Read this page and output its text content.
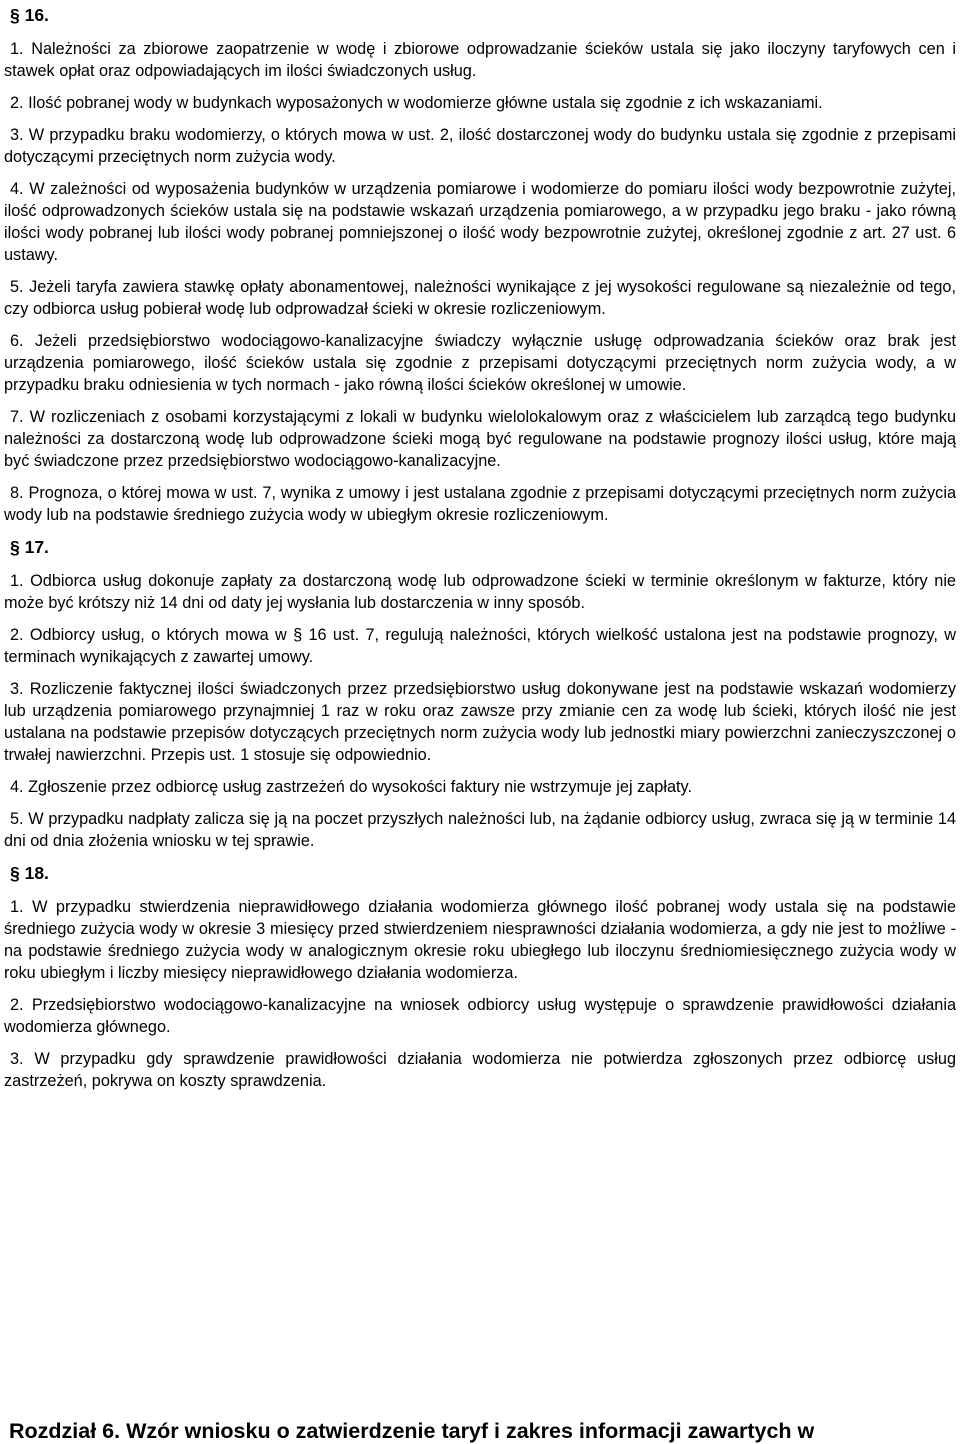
§ 16.

1. Należności za zbiorowe zaopatrzenie w wodę i zbiorowe odprowadzanie ścieków ustala się jako iloczyny taryfowych cen i stawek opłat oraz odpowiadających im ilości świadczonych usług.

2. Ilość pobranej wody w budynkach wyposażonych w wodomierze główne ustala się zgodnie z ich wskazaniami.

3. W przypadku braku wodomierzy, o których mowa w ust. 2, ilość dostarczonej wody do budynku ustala się zgodnie z przepisami dotyczącymi przeciętnych norm zużycia wody.

4. W zależności od wyposażenia budynków w urządzenia pomiarowe i wodomierze do pomiaru ilości wody bezpowrotnie zużytej, ilość odprowadzonych ścieków ustala się na podstawie wskazań urządzenia pomiarowego, a w przypadku jego braku - jako równą ilości wody pobranej lub ilości wody pobranej pomniejszonej o ilość wody bezpowrotnie zużytej, określonej zgodnie z art. 27 ust. 6 ustawy.

5. Jeżeli taryfa zawiera stawkę opłaty abonamentowej, należności wynikające z jej wysokości regulowane są niezależnie od tego, czy odbiorca usług pobierał wodę lub odprowadzał ścieki w okresie rozliczeniowym.

6. Jeżeli przedsiębiorstwo wodociągowo-kanalizacyjne świadczy wyłącznie usługę odprowadzania ścieków oraz brak jest urządzenia pomiarowego, ilość ścieków ustala się zgodnie z przepisami dotyczącymi przeciętnych norm zużycia wody, a w przypadku braku odniesienia w tych normach - jako równą ilości ścieków określonej w umowie.

7. W rozliczeniach z osobami korzystającymi z lokali w budynku wielolokalowym oraz z właścicielem lub zarządcą tego budynku należności za dostarczoną wodę lub odprowadzone ścieki mogą być regulowane na podstawie prognozy ilości usług, które mają być świadczone przez przedsiębiorstwo wodociągowo-kanalizacyjne.

8. Prognoza, o której mowa w ust. 7, wynika z umowy i jest ustalana zgodnie z przepisami dotyczącymi przeciętnych norm zużycia wody lub na podstawie średniego zużycia wody w ubiegłym okresie rozliczeniowym.

§ 17.

1. Odbiorca usług dokonuje zapłaty za dostarczoną wodę lub odprowadzone ścieki w terminie określonym w fakturze, który nie może być krótszy niż 14 dni od daty jej wysłania lub dostarczenia w inny sposób.

2. Odbiorcy usług, o których mowa w § 16 ust. 7, regulują należności, których wielkość ustalona jest na podstawie prognozy, w terminach wynikających z zawartej umowy.

3. Rozliczenie faktycznej ilości świadczonych przez przedsiębiorstwo usług dokonywane jest na podstawie wskazań wodomierzy lub urządzenia pomiarowego przynajmniej 1 raz w roku oraz zawsze przy zmianie cen za wodę lub ścieki, których ilość nie jest ustalana na podstawie przepisów dotyczących przeciętnych norm zużycia wody lub jednostki miary powierzchni zanieczyszczonej o trwałej nawierzchni. Przepis ust. 1 stosuje się odpowiednio.

4. Zgłoszenie przez odbiorcę usług zastrzeżeń do wysokości faktury nie wstrzymuje jej zapłaty.

5. W przypadku nadpłaty zalicza się ją na poczet przyszłych należności lub, na żądanie odbiorcy usług, zwraca się ją w terminie 14 dni od dnia złożenia wniosku w tej sprawie.

§ 18.

1. W przypadku stwierdzenia nieprawidłowego działania wodomierza głównego ilość pobranej wody ustala się na podstawie średniego zużycia wody w okresie 3 miesięcy przed stwierdzeniem niesprawności działania wodomierza, a gdy nie jest to możliwe - na podstawie średniego zużycia wody w analogicznym okresie roku ubiegłego lub iloczynu średniomiesięcznego zużycia wody w roku ubiegłym i liczby miesięcy nieprawidłowego działania wodomierza.

2. Przedsiębiorstwo wodociągowo-kanalizacyjne na wniosek odbiorcy usług występuje o sprawdzenie prawidłowości działania wodomierza głównego.

3. W przypadku gdy sprawdzenie prawidłowości działania wodomierza nie potwierdza zgłoszonych przez odbiorcę usług zastrzeżeń, pokrywa on koszty sprawdzenia.

Rozdział 6. Wzór wniosku o zatwierdzenie taryf i zakres informacji zawartych w
